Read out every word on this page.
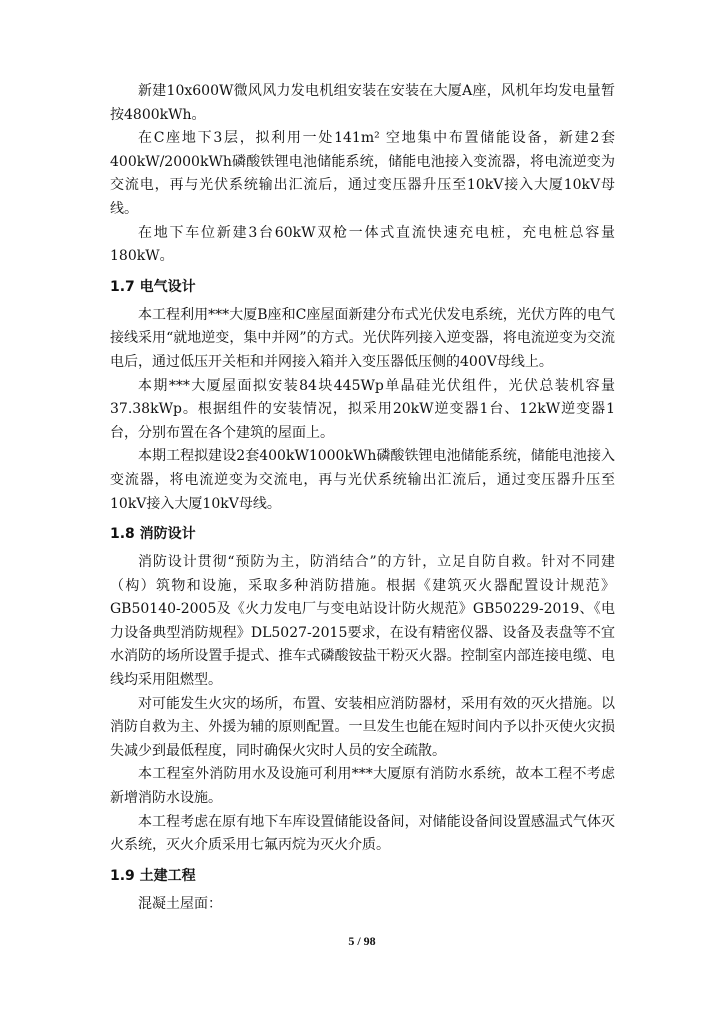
新建10x600W微风风力发电机组安装在安装在大厦A座，风机年均发电量暂按4800kWh。

在C座地下3层，拟利用一处141m² 空地集中布置储能设备，新建2套400kW/2000kWh磷酸铁锂电池储能系统，储能电池接入变流器，将电流逆变为交流电，再与光伏系统输出汇流后，通过变压器升压至10kV接入大厦10kV母线。

在地下车位新建3台60kW双枪一体式直流快速充电桩，充电桩总容量180kW。

1.7 电气设计

本工程利用***大厦B座和C座屋面新建分布式光伏发电系统，光伏方阵的电气接线采用“就地逆变，集中并网”的方式。光伏阵列接入逆变器，将电流逆变为交流电后，通过低压开关柜和并网接入箱并入变压器低压侧的400V母线上。

本期***大厦屋面拟安装84块445Wp单晶硅光伏组件，光伏总装机容量37.38kWp。根据组件的安装情况，拟采用20kW逆变器1台、12kW逆变器1台，分别布置在各个建筑的屋面上。

本期工程拟建设2套400kW1000kWh磷酸铁锂电池储能系统，储能电池接入变流器，将电流逆变为交流电，再与光伏系统输出汇流后，通过变压器升压至10kV接入大厦10kV母线。

1.8 消防设计

消防设计贯彻“预防为主，防消结合”的方针，立足自防自救。针对不同建（构）筑物和设施，采取多种消防措施。根据《建筑灭火器配置设计规范》GB50140-2005及《火力发电厂与变电站设计防火规范》GB50229-2019、《电力设备典型消防规程》DL5027-2015要求，在设有精密仪器、设备及表盘等不宜水消防的场所设置手提式、推车式磷酸铵盐干粉灭火器。控制室内部连接电缆、电线均采用阻燃型。

对可能发生火灾的场所，布置、安装相应消防器材，采用有效的灭火措施。以消防自救为主、外援为辅的原则配置。一旦发生也能在短时间内予以扑灭使火灾损失减少到最低程度，同时确保火灾时人员的安全疏散。

本工程室外消防用水及设施可利用***大厦原有消防水系统，故本工程不考虑新增消防水设施。

本工程考虑在原有地下车库设置储能设备间，对储能设备间设置感温式气体灭火系统，灭火介质采用七氟丙烷为灭火介质。

1.9 土建工程

混凝土屋面：

5 / 98
